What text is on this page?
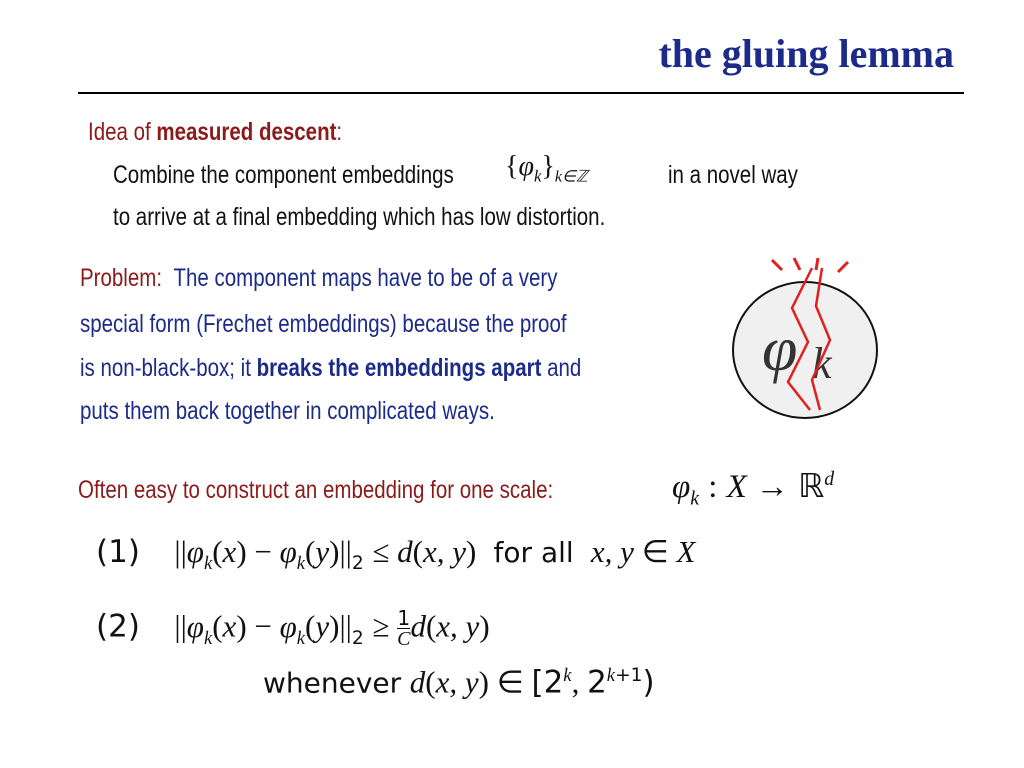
the gluing lemma
Idea of measured descent:
Combine the component embeddings $\{\varphi_k\}_{k\in ℤ}$	in a novel way
to arrive at a final embedding which has low distortion.
Problem: The component maps have to be of a very
special form (Frechet embeddings) because the proof
is non-black-box; it breaks the embeddings apart and
puts them back together in complicated ways.
φ k
Often easy to construct an embedding for one scale:	$\varphi_k$ : X → ℝ$^d$
(1) $||\varphi_k(x) - \varphi_k(y)||_2 \le d(x$, y) for all x, y ∈ X
(2) $||\varphi_k(x) - \varphi_k(y)||_2 \ge \frac{1}{C} d(x$, y)
whenever d(x, y) ∈ [2$^k$, $2^{k+1}$)
